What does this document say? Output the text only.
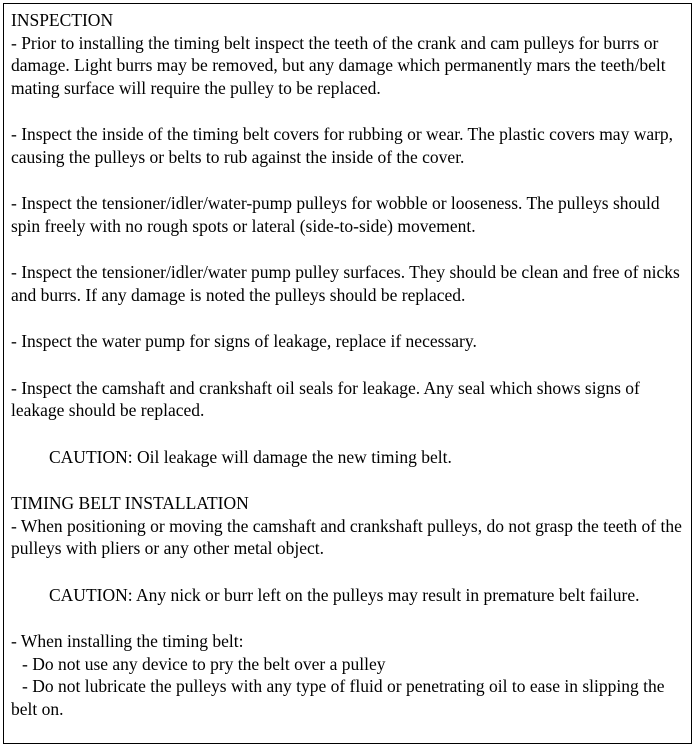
INSPECTION

- Prior to installing the timing belt inspect the teeth of the crank and cam pulleys for burrs or damage. Light burrs may be removed, but any damage which permanently mars the teeth/belt mating surface will require the pulley to be replaced.

- Inspect the inside of the timing belt covers for rubbing or wear. The plastic covers may warp, causing the pulleys or belts to rub against the inside of the cover.

- Inspect the tensioner/idler/water-pump pulleys for wobble or looseness. The pulleys should spin freely with no rough spots or lateral (side-to-side) movement.

- Inspect the tensioner/idler/water pump pulley surfaces. They should be clean and free of nicks and burrs. If any damage is noted the pulleys should be replaced.

- Inspect the water pump for signs of leakage, replace if necessary.

- Inspect the camshaft and crankshaft oil seals for leakage. Any seal which shows signs of leakage should be replaced.

CAUTION: Oil leakage will damage the new timing belt.

TIMING BELT INSTALLATION

- When positioning or moving the camshaft and crankshaft pulleys, do not grasp the teeth of the pulleys with pliers or any other metal object.

CAUTION: Any nick or burr left on the pulleys may result in premature belt failure.

- When installing the timing belt:

- Do not use any device to pry the belt over a pulley

- Do not lubricate the pulleys with any type of fluid or penetrating oil to ease in slipping the belt on.
